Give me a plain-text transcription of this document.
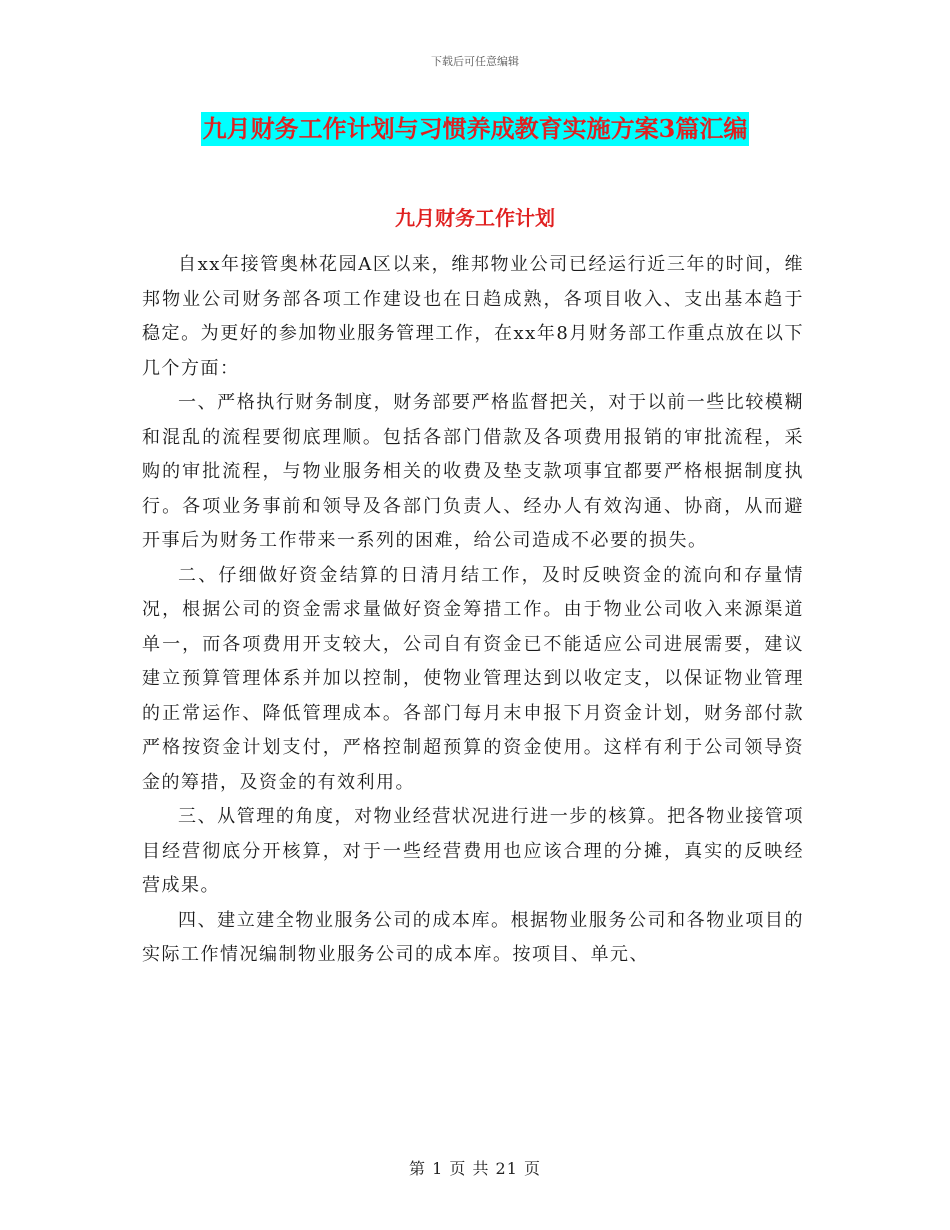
下载后可任意编辑
九月财务工作计划与习惯养成教育实施方案3篇汇编
九月财务工作计划

自xx年接管奥林花园A区以来，维邦物业公司已经运行近三年的时间，维邦物业公司财务部各项工作建设也在日趋成熟，各项目收入、支出基本趋于稳定。为更好的参加物业服务管理工作，在xx年8月财务部工作重点放在以下几个方面：

一、严格执行财务制度，财务部要严格监督把关，对于以前一些比较模糊和混乱的流程要彻底理顺。包括各部门借款及各项费用报销的审批流程，采购的审批流程，与物业服务相关的收费及垫支款项事宜都要严格根据制度执行。各项业务事前和领导及各部门负责人、经办人有效沟通、协商，从而避开事后为财务工作带来一系列的困难，给公司造成不必要的损失。

二、仔细做好资金结算的日清月结工作，及时反映资金的流向和存量情况，根据公司的资金需求量做好资金筹措工作。由于物业公司收入来源渠道单一，而各项费用开支较大，公司自有资金已不能适应公司进展需要，建议建立预算管理体系并加以控制，使物业管理达到以收定支，以保证物业管理的正常运作、降低管理成本。各部门每月末申报下月资金计划，财务部付款严格按资金计划支付，严格控制超预算的资金使用。这样有利于公司领导资金的筹措，及资金的有效利用。

三、从管理的角度，对物业经营状况进行进一步的核算。把各物业接管项目经营彻底分开核算，对于一些经营费用也应该合理的分摊，真实的反映经营成果。

四、建立建全物业服务公司的成本库。根据物业服务公司和各物业项目的实际工作情况编制物业服务公司的成本库。按项目、单元、

第 1 页 共 21 页
